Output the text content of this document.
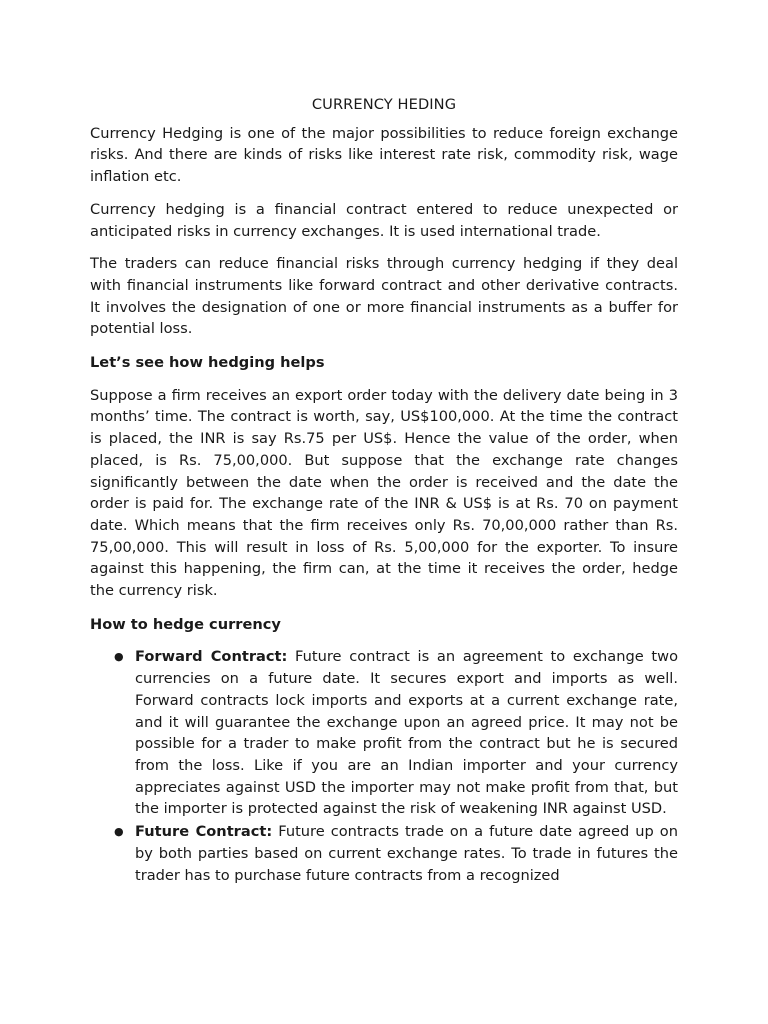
CURRENCY HEDING

Currency Hedging is one of the major possibilities to reduce foreign exchange risks. And there are kinds of risks like interest rate risk, commodity risk, wage inflation etc.

Currency hedging is a financial contract entered to reduce unexpected or anticipated risks in currency exchanges. It is used international trade.

The traders can reduce financial risks through currency hedging if they deal with financial instruments like forward contract and other derivative contracts. It involves the designation of one or more financial instruments as a buffer for potential loss.

Let’s see how hedging helps

Suppose a firm receives an export order today with the delivery date being in 3 months’ time. The contract is worth, say, US$100,000. At the time the contract is placed, the INR is say Rs.75 per US$. Hence the value of the order, when placed, is Rs. 75,00,000. But suppose that the exchange rate changes significantly between the date when the order is received and the date the order is paid for. The exchange rate of the INR & US$ is at Rs. 70 on payment date. Which means that the firm receives only Rs. 70,00,000 rather than Rs. 75,00,000. This will result in loss of Rs. 5,00,000 for the exporter. To insure against this happening, the firm can, at the time it receives the order, hedge the currency risk.

How to hedge currency
● Forward Contract: Future contract is an agreement to exchange two currencies on a future date. It secures export and imports as well. Forward contracts lock imports and exports at a current exchange rate, and it will guarantee the exchange upon an agreed price. It may not be possible for a trader to make profit from the contract but he is secured from the loss. Like if you are an Indian importer and your currency appreciates against USD the importer may not make profit from that, but the importer is protected against the risk of weakening INR against USD.
● Future Contract: Future contracts trade on a future date agreed up on by both parties based on current exchange rates. To trade in futures the trader has to purchase future contracts from a recognized
